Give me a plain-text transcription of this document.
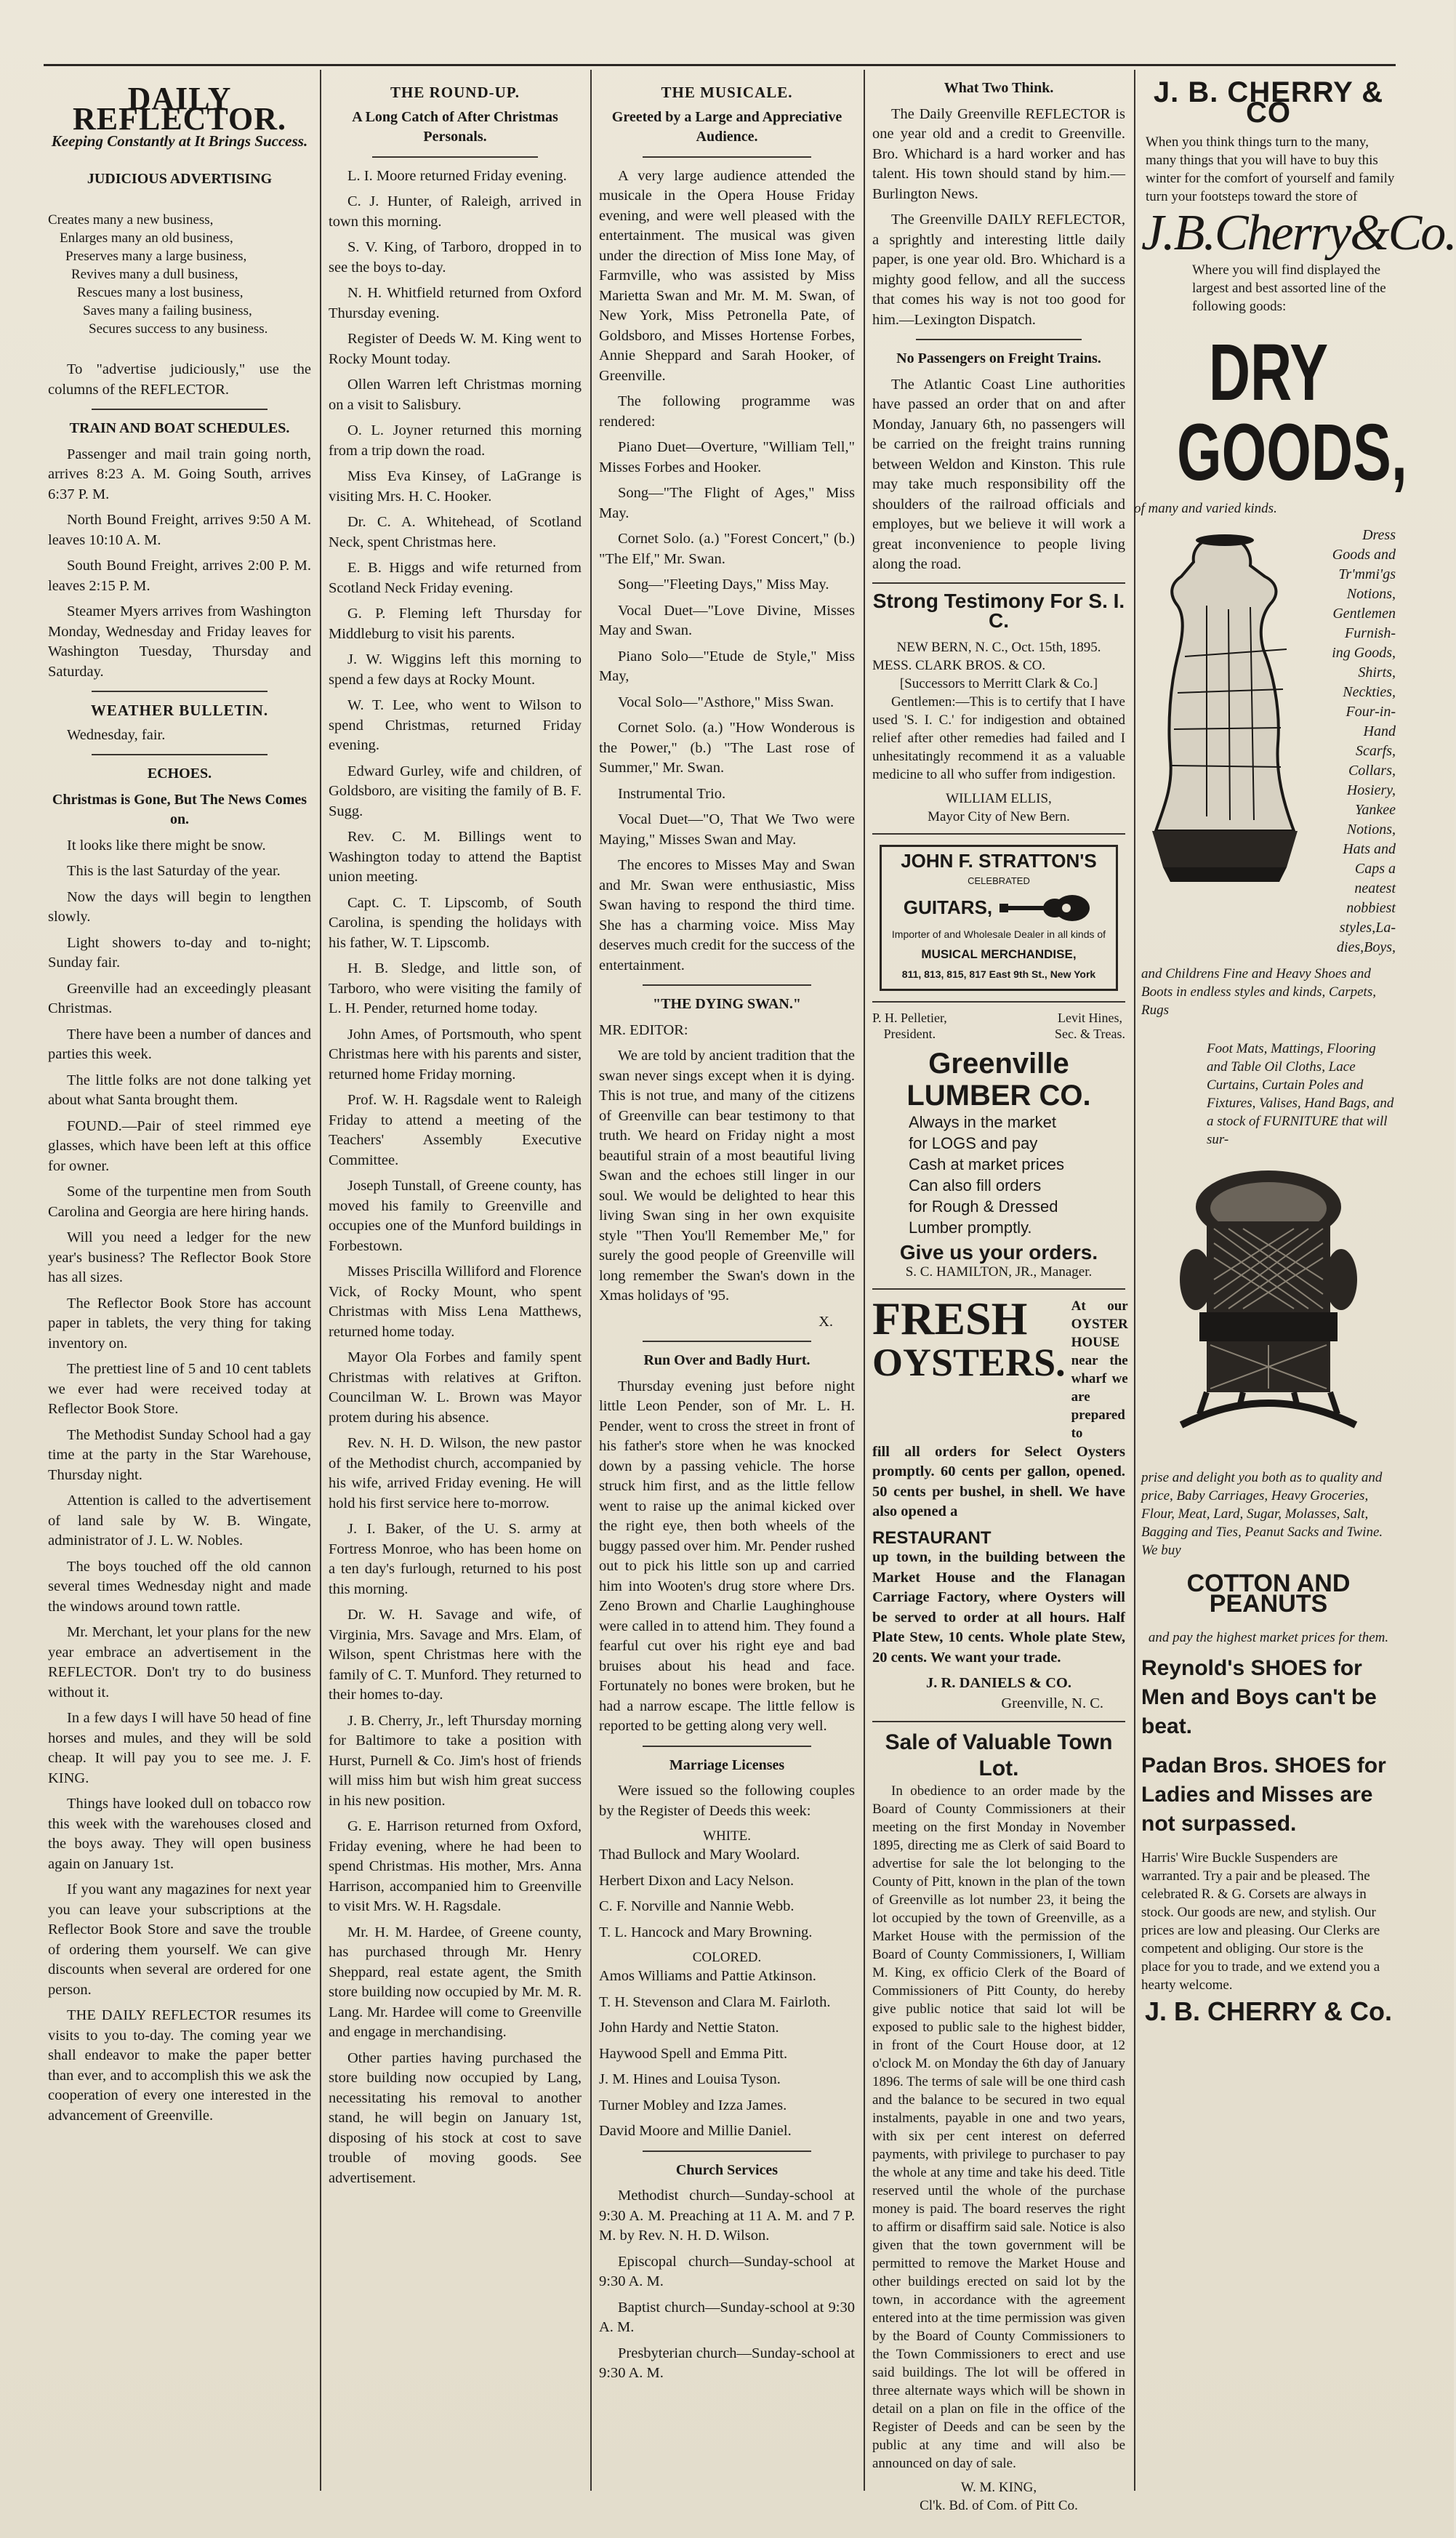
DAILY REFLECTOR.
Keeping Constantly at It Brings Success.
JUDICIOUS ADVERTISING
Creates many a new business,
Enlarges many an old business,
Preserves many a large business,
Revives many a dull business,
Rescues many a lost business,
Saves many a failing business,
Secures success to any business.

To "advertise judiciously," use the columns of the REFLECTOR.

TRAIN AND BOAT SCHEDULES.

Passenger and mail train going north, arrives 8:23 A. M. Going South, arrives 6:37 P. M.

North Bound Freight, arrives 9:50 A M. leaves 10:10 A. M.

South Bound Freight, arrives 2:00 P. M. leaves 2:15 P. M.

Steamer Myers arrives from Washington Monday, Wednesday and Friday leaves for Washington Tuesday, Thursday and Saturday.

WEATHER BULLETIN.

Wednesday, fair.

ECHOES.
Christmas is Gone, But The News Comes on.

It looks like there might be snow.

This is the last Saturday of the year.

Now the days will begin to lengthen slowly.

Light showers to-day and to-night; Sunday fair.

Greenville had an exceedingly pleasant Christmas.

There have been a number of dances and parties this week.

The little folks are not done talking yet about what Santa brought them.

FOUND.—Pair of steel rimmed eye glasses, which have been left at this office for owner.

Some of the turpentine men from South Carolina and Georgia are here hiring hands.

Will you need a ledger for the new year's business? The Reflector Book Store has all sizes.

The Reflector Book Store has account paper in tablets, the very thing for taking inventory on.

The prettiest line of 5 and 10 cent tablets we ever had were received today at Reflector Book Store.

The Methodist Sunday School had a gay time at the party in the Star Warehouse, Thursday night.

Attention is called to the advertisement of land sale by W. B. Wingate, administrator of J. L. W. Nobles.

The boys touched off the old cannon several times Wednesday night and made the windows around town rattle.

Mr. Merchant, let your plans for the new year embrace an advertisement in the REFLECTOR. Don't try to do business without it.

In a few days I will have 50 head of fine horses and mules, and they will be sold cheap. It will pay you to see me. J. F. KING.

Things have looked dull on tobacco row this week with the warehouses closed and the boys away. They will open business again on January 1st.

If you want any magazines for next year you can leave your subscriptions at the Reflector Book Store and save the trouble of ordering them yourself. We can give discounts when several are ordered for one person.

THE DAILY REFLECTOR resumes its visits to you to-day. The coming year we shall endeavor to make the paper better than ever, and to accomplish this we ask the cooperation of every one interested in the advancement of Greenville.

THE ROUND-UP.
A Long Catch of After Christmas Personals.

L. I. Moore returned Friday evening.

C. J. Hunter, of Raleigh, arrived in town this morning.

S. V. King, of Tarboro, dropped in to see the boys to-day.

N. H. Whitfield returned from Oxford Thursday evening.

Register of Deeds W. M. King went to Rocky Mount today.

Ollen Warren left Christmas morning on a visit to Salisbury.

O. L. Joyner returned this morning from a trip down the road.

Miss Eva Kinsey, of LaGrange is visiting Mrs. H. C. Hooker.

Dr. C. A. Whitehead, of Scotland Neck, spent Christmas here.

E. B. Higgs and wife returned from Scotland Neck Friday evening.

G. P. Fleming left Thursday for Middleburg to visit his parents.

J. W. Wiggins left this morning to spend a few days at Rocky Mount.

W. T. Lee, who went to Wilson to spend Christmas, returned Friday evening.

Edward Gurley, wife and children, of Goldsboro, are visiting the family of B. F. Sugg.

Rev. C. M. Billings went to Washington today to attend the Baptist union meeting.

Capt. C. T. Lipscomb, of South Carolina, is spending the holidays with his father, W. T. Lipscomb.

H. B. Sledge, and little son, of Tarboro, who were visiting the family of L. H. Pender, returned home today.

John Ames, of Portsmouth, who spent Christmas here with his parents and sister, returned home Friday morning.

Prof. W. H. Ragsdale went to Raleigh Friday to attend a meeting of the Teachers' Assembly Executive Committee.

Joseph Tunstall, of Greene county, has moved his family to Greenville and occupies one of the Munford buildings in Forbestown.

Misses Priscilla Williford and Florence Vick, of Rocky Mount, who spent Christmas with Miss Lena Matthews, returned home today.

Mayor Ola Forbes and family spent Christmas with relatives at Grifton. Councilman W. L. Brown was Mayor protem during his absence.

Rev. N. H. D. Wilson, the new pastor of the Methodist church, accompanied by his wife, arrived Friday evening. He will hold his first service here to-morrow.

J. I. Baker, of the U. S. army at Fortress Monroe, who has been home on a ten day's furlough, returned to his post this morning.

Dr. W. H. Savage and wife, of Virginia, Mrs. Savage and Mrs. Elam, of Wilson, spent Christmas here with the family of C. T. Munford. They returned to their homes to-day.

J. B. Cherry, Jr., left Thursday morning for Baltimore to take a position with Hurst, Purnell & Co. Jim's host of friends will miss him but wish him great success in his new position.

G. E. Harrison returned from Oxford, Friday evening, where he had been to spend Christmas. His mother, Mrs. Anna Harrison, accompanied him to Greenville to visit Mrs. W. H. Ragsdale.

Mr. H. M. Hardee, of Greene county, has purchased through Mr. Henry Sheppard, real estate agent, the Smith store building now occupied by Mr. M. R. Lang. Mr. Hardee will come to Greenville and engage in merchandising.

Other parties having purchased the store building now occupied by Lang, necessitating his removal to another stand, he will begin on January 1st, disposing of his stock at cost to save trouble of moving goods. See advertisement.

THE MUSICALE.
Greeted by a Large and Appreciative Audience.

A very large audience attended the musicale in the Opera House Friday evening, and were well pleased with the entertainment. The musical was given under the direction of Miss Ione May, of Farmville, who was assisted by Miss Marietta Swan and Mr. M. M. Swan, of New York, Miss Petronella Pate, of Goldsboro, and Misses Hortense Forbes, Annie Sheppard and Sarah Hooker, of Greenville.

The following programme was rendered:

Piano Duet—Overture, "William Tell," Misses Forbes and Hooker.

Song—"The Flight of Ages," Miss May.

Cornet Solo. (a.) "Forest Concert," (b.) "The Elf," Mr. Swan.

Song—"Fleeting Days," Miss May.

Vocal Duet—"Love Divine, Misses May and Swan.

Piano Solo—"Etude de Style," Miss May,

Vocal Solo—"Asthore," Miss Swan.

Cornet Solo. (a.) "How Wonderous is the Power," (b.) "The Last rose of Summer," Mr. Swan.

Instrumental Trio.

Vocal Duet—"O, That We Two were Maying," Misses Swan and May.

The encores to Misses May and Swan and Mr. Swan were enthusiastic, Miss Swan having to respond the third time. She has a charming voice. Miss May deserves much credit for the success of the entertainment.

"THE DYING SWAN."

MR. EDITOR:

We are told by ancient tradition that the swan never sings except when it is dying. This is not true, and many of the citizens of Greenville can bear testimony to that truth. We heard on Friday night a most beautiful strain of a most beautiful living Swan and the echoes still linger in our soul. We would be delighted to hear this living Swan sing in her own exquisite style "Then You'll Remember Me," for surely the good people of Greenville will long remember the Swan's down in the Xmas holidays of '95.

X.

Run Over and Badly Hurt.

Thursday evening just before night little Leon Pender, son of Mr. L. H. Pender, went to cross the street in front of his father's store when he was knocked down by a passing vehicle. The horse struck him first, and as the little fellow went to raise up the animal kicked over the right eye, then both wheels of the buggy passed over him. Mr. Pender rushed out to pick his little son up and carried him into Wooten's drug store where Drs. Zeno Brown and Charlie Laughinghouse were called in to attend him. They found a fearful cut over his right eye and bad bruises about his head and face. Fortunately no bones were broken, but he had a narrow escape. The little fellow is reported to be getting along very well.

Marriage Licenses

Were issued so the following couples by the Register of Deeds this week:

WHITE.

Thad Bullock and Mary Woolard.

Herbert Dixon and Lacy Nelson.

C. F. Norville and Nannie Webb.

T. L. Hancock and Mary Browning.

COLORED.

Amos Williams and Pattie Atkinson.

T. H. Stevenson and Clara M. Fairloth.

John Hardy and Nettie Staton.

Haywood Spell and Emma Pitt.

J. M. Hines and Louisa Tyson.

Turner Mobley and Izza James.

David Moore and Millie Daniel.

Church Services

Methodist church—Sunday-school at 9:30 A. M. Preaching at 11 A. M. and 7 P. M. by Rev. N. H. D. Wilson.

Episcopal church—Sunday-school at 9:30 A. M.

Baptist church—Sunday-school at 9:30 A. M.

Presbyterian church—Sunday-school at 9:30 A. M.

What Two Think.

The Daily Greenville REFLECTOR is one year old and a credit to Greenville. Bro. Whichard is a hard worker and has talent. His town should stand by him.—Burlington News.

The Greenville DAILY REFLECTOR, a sprightly and interesting little daily paper, is one year old. Bro. Whichard is a mighty good fellow, and all the success that comes his way is not too good for him.—Lexington Dispatch.

No Passengers on Freight Trains.

The Atlantic Coast Line authorities have passed an order that on and after Monday, January 6th, no passengers will be carried on the freight trains running between Weldon and Kinston. This rule may take much responsibility off the shoulders of the railroad officials and employes, but we believe it will work a great inconvenience to people living along the road.

Strong Testimony For S. I. C.
NEW BERN, N. C., Oct. 15th, 1895.
MESS. CLARK BROS. & CO.
[Successors to Merritt Clark & Co.]

Gentlemen:—This is to certify that I have used 'S. I. C.' for indigestion and obtained relief after other remedies had failed and I unhesitatingly recommend it as a valuable medicine to all who suffer from indigestion.

WILLIAM ELLIS,
Mayor City of New Bern.
JOHN F. STRATTON'S
CELEBRATED
GUITARS,
Importer of and Wholesale Dealer in all kinds of
MUSICAL MERCHANDISE,
811, 813, 815, 817 East 9th St., New York
P. H. Pelletier,
President.
Levit Hines,
Sec. & Treas.
Greenville
LUMBER CO.
Always in the market
for LOGS and pay
Cash at market prices
Can also fill orders
for Rough & Dressed
Lumber promptly.
Give us your orders.
S. C. HAMILTON, JR., Manager.
FRESH
OYSTERS.
At our OYSTER HOUSE near the wharf we are prepared to

fill all orders for Select Oysters promptly. 60 cents per gallon, opened. 50 cents per bushel, in shell. We have also opened a

RESTAURANT

up town, in the building between the Market House and the Flanagan Carriage Factory, where Oysters will be served to order at all hours. Half Plate Stew, 10 cents. Whole plate Stew, 20 cents. We want your trade.

J. R. DANIELS & CO.
Greenville, N. C.
Sale of Valuable Town Lot.

In obedience to an order made by the Board of County Commissioners at their meeting on the first Monday in November 1895, directing me as Clerk of said Board to advertise for sale the lot belonging to the County of Pitt, known in the plan of the town of Greenville as lot number 23, it being the lot occupied by the town of Greenville, as a Market House with the permission of the Board of County Commissioners, I, William M. King, ex officio Clerk of the Board of Commissioners of Pitt County, do hereby give public notice that said lot will be exposed to public sale to the highest bidder, in front of the Court House door, at 12 o'clock M. on Monday the 6th day of January 1896. The terms of sale will be one third cash and the balance to be secured in two equal instalments, payable in one and two years, with six per cent interest on deferred payments, with privilege to purchaser to pay the whole at any time and take his deed. Title reserved until the whole of the purchase money is paid. The board reserves the right to affirm or disaffirm said sale. Notice is also given that the town government will be permitted to remove the Market House and other buildings erected on said lot by the town, in accordance with the agreement entered into at the time permission was given by the Board of County Commissioners to the Town Commissioners to erect and use said buildings. The lot will be offered in three alternate ways which will be shown in detail on a plan on file in the office of the Register of Deeds and can be seen by the public at any time and will also be announced on day of sale.

W. M. KING,
Cl'k. Bd. of Com. of Pitt Co.
J. B. CHERRY & CO

When you think things turn to the many, many things that you will have to buy this winter for the comfort of yourself and family turn your footsteps toward the store of

J.B.Cherry&Co.

Where you will find displayed the largest and best assorted line of the following goods:

DRY GOODS,
of many and varied kinds.
Dress
Goods and
Tr'mmi'gs
Notions,
Gentlemen
Furnish-
ing Goods,
Shirts,
Neckties,
Four-in-
Hand
Scarfs,
Collars,
Hosiery,
Yankee
Notions,
Hats and
Caps a
neatest
nobbiest
styles,La-
dies,Boys,

and Childrens Fine and Heavy Shoes and Boots in endless styles and kinds, Carpets, Rugs

Foot Mats, Mattings, Flooring and Table Oil Cloths, Lace Curtains, Curtain Poles and Fixtures, Valises, Hand Bags, and a stock of FURNITURE that will sur-

prise and delight you both as to quality and price, Baby Carriages, Heavy Groceries, Flour, Meat, Lard, Sugar, Molasses, Salt, Bagging and Ties, Peanut Sacks and Twine. We buy

COTTON AND PEANUTS

and pay the highest market prices for them.

Reynold's SHOES for Men and Boys can't be beat.
Padan Bros. SHOES for Ladies and Misses are not surpassed.

Harris' Wire Buckle Suspenders are warranted. Try a pair and be pleased. The celebrated R. & G. Corsets are always in stock. Our goods are new, and stylish. Our prices are low and pleasing. Our Clerks are competent and obliging. Our store is the place for you to trade, and we extend you a hearty welcome.

J. B. CHERRY & Co.
